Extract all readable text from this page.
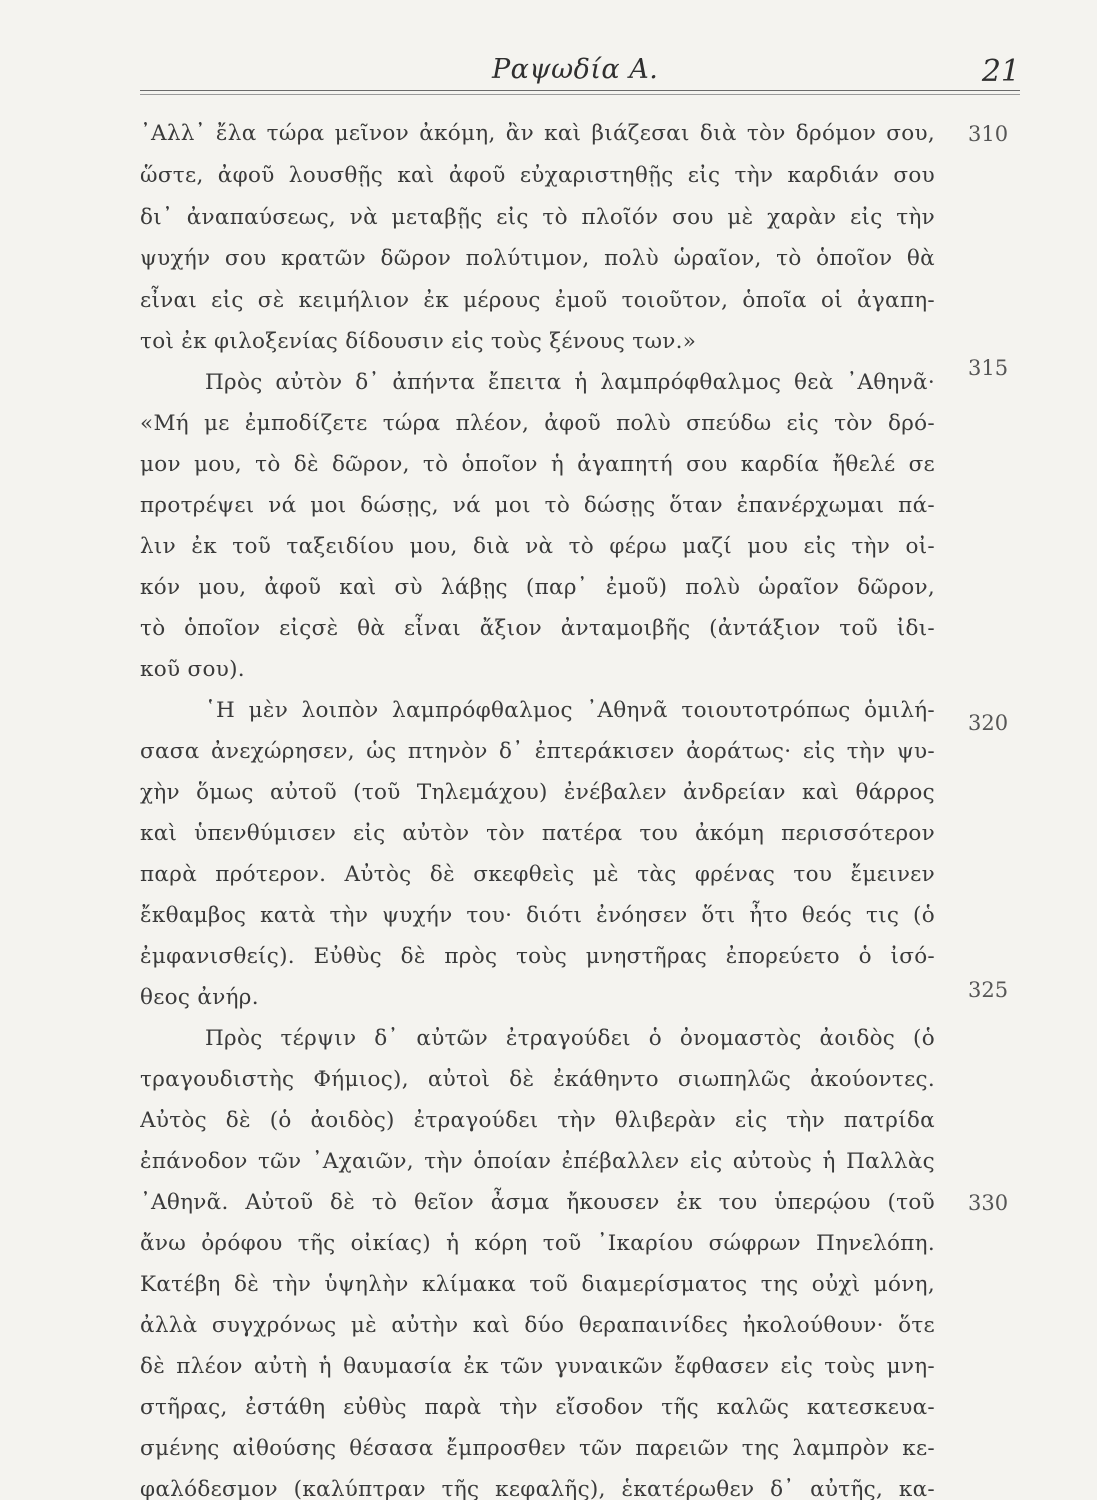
Ραψωδία Α.	21
᾽Αλλ᾽ ἔλα τώρα μεῖνον ἀκόμη, ἂν καὶ βιάζεσαι διὰ τὸν δρόμον σου,
ὥστε, ἀφοῦ λουσθῇς καὶ ἀφοῦ εὐχαριστηθῇς εἰς τὴν καρδιάν σου
δι᾽ ἀναπαύσεως, νὰ μεταβῇς εἰς τὸ πλοῖόν σου μὲ χαρὰν εἰς τὴν
ψυχήν σου κρατῶν δῶρον πολύτιμον, πολὺ ὡραῖον, τὸ ὁποῖον θὰ
εἶναι εἰς σὲ κειμήλιον ἐκ μέρους ἐμοῦ τοιοῦτον, ὁποῖα οἱ ἀγαπη-
τοὶ ἐκ φιλοξενίας δίδουσιν εἰς τοὺς ξένους των.»
Πρὸς αὐτὸν δ᾽ ἀπήντα ἔπειτα ἡ λαμπρόφθαλμος θεὰ ᾽Αθηνᾶ·
«Μή με ἐμποδίζετε τώρα πλέον, ἀφοῦ πολὺ σπεύδω εἰς τὸν δρό-
μον μου, τὸ δὲ δῶρον, τὸ ὁποῖον ἡ ἀγαπητή σου καρδία ἤθελέ σε
προτρέψει νά μοι δώσῃς, νά μοι τὸ δώσῃς ὅταν ἐπανέρχωμαι πά-
λιν ἐκ τοῦ ταξειδίου μου, διὰ νὰ τὸ φέρω μαζί μου εἰς τὴν οἰ-
κόν μου, ἀφοῦ καὶ σὺ λάβῃς (παρ᾽ ἐμοῦ) πολὺ ὡραῖον δῶρον,
τὸ ὁποῖον εἰςσὲ θὰ εἶναι ἄξιον ἀνταμοιβῆς (ἀντάξιον τοῦ ἰδι-
κοῦ σου).
῾Η μὲν λοιπὸν λαμπρόφθαλμος ᾽Αθηνᾶ τοιουτοτρόπως ὁμιλή-
σασα ἀνεχώρησεν, ὡς πτηνὸν δ᾽ ἐπτεράκισεν ἀοράτως· εἰς τὴν ψυ-
χὴν ὅμως αὐτοῦ (τοῦ Τηλεμάχου) ἐνέβαλεν ἀνδρείαν καὶ θάρρος
καὶ ὑπενθύμισεν εἰς αὐτὸν τὸν πατέρα του ἀκόμη περισσότερον
παρὰ πρότερον. Αὐτὸς δὲ σκεφθεὶς μὲ τὰς φρένας του ἔμεινεν
ἔκθαμβος κατὰ τὴν ψυχήν του· διότι ἐνόησεν ὅτι ἦτο θεός τις (ὁ
ἐμφανισθείς). Εὐθὺς δὲ πρὸς τοὺς μνηστῆρας ἐπορεύετο ὁ ἰσό-
θεος ἀνήρ.
Πρὸς τέρψιν δ᾽ αὐτῶν ἐτραγούδει ὁ ὀνομαστὸς ἀοιδὸς (ὁ
τραγουδιστὴς Φήμιος), αὐτοὶ δὲ ἐκάθηντο σιωπηλῶς ἀκούοντες.
Αὐτὸς δὲ (ὁ ἀοιδὸς) ἐτραγούδει τὴν θλιβερὰν εἰς τὴν πατρίδα
ἐπάνοδον τῶν ᾽Αχαιῶν, τὴν ὁποίαν ἐπέβαλλεν εἰς αὐτοὺς ἡ Παλλὰς
᾽Αθηνᾶ. Αὐτοῦ δὲ τὸ θεῖον ἆσμα ἤκουσεν ἐκ του ὑπερῴου (τοῦ
ἄνω ὀρόφου τῆς οἰκίας) ἡ κόρη τοῦ ᾽Ικαρίου σώφρων Πηνελόπη.
Κατέβη δὲ τὴν ὑψηλὴν κλίμακα τοῦ διαμερίσματος της οὐχὶ μόνη,
ἀλλὰ συγχρόνως μὲ αὐτὴν καὶ δύο θεραπαινίδες ἠκολούθουν· ὅτε
δὲ πλέον αὐτὴ ἡ θαυμασία ἐκ τῶν γυναικῶν ἔφθασεν εἰς τοὺς μνη-
στῆρας, ἐστάθη εὐθὺς παρὰ τὴν εἴσοδον τῆς καλῶς κατεσκευα-
σμένης αἰθούσης θέσασα ἔμπροσθεν τῶν παρειῶν της λαμπρὸν κε-
φαλόδεσμον (καλύπτραν τῆς κεφαλῆς), ἑκατέρωθεν δ᾽ αὐτῆς, κα-
310
315
320
325
330
